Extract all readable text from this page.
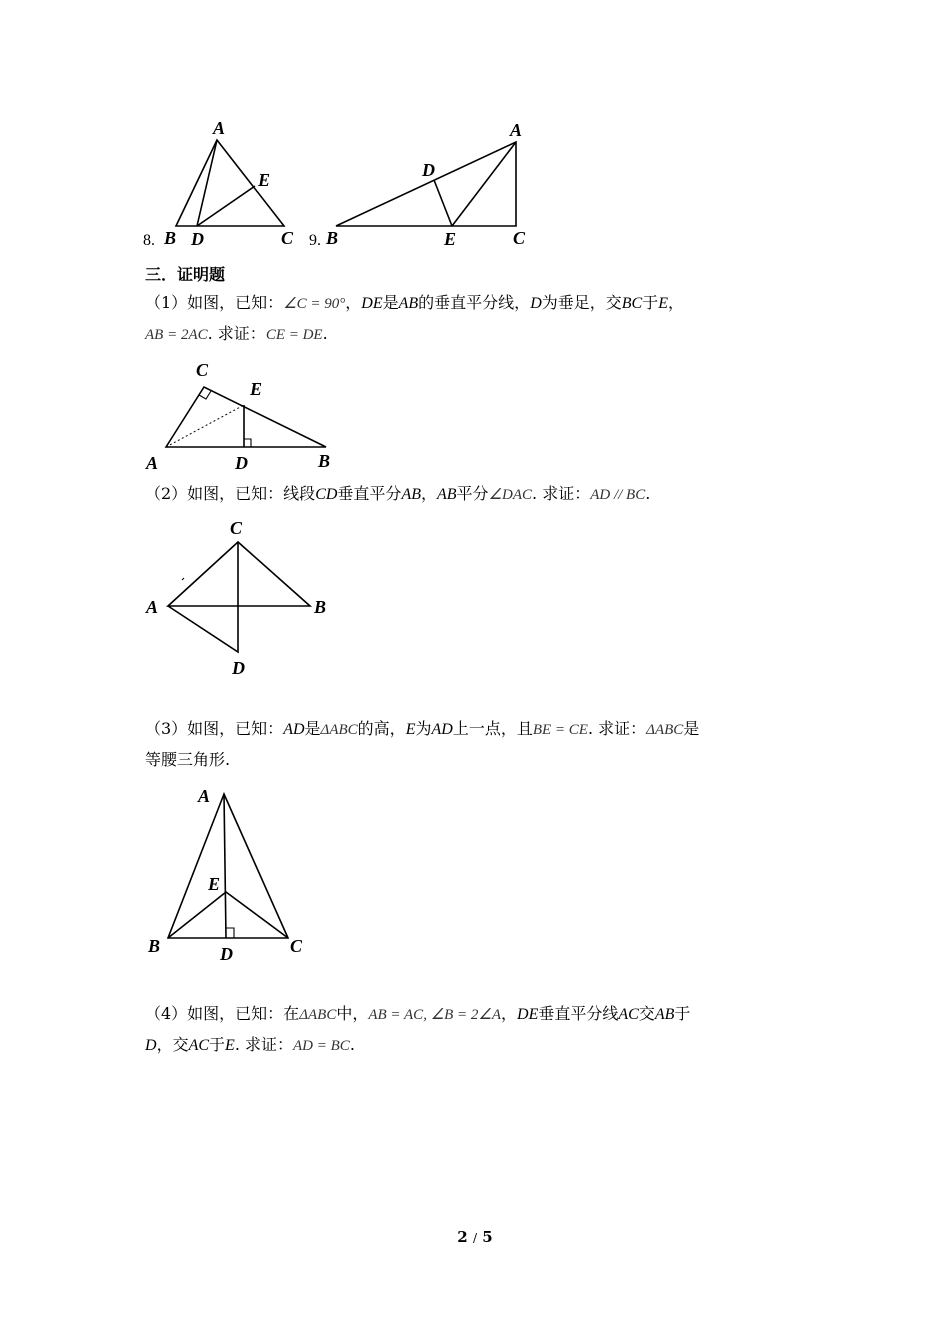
8.
A
B D	C
E
9.
A
D
B	E	C
三．证明题
（1）如图，已知：∠C = 90°，DE是AB的垂直平分线，D为垂足，交BC于E，
AB = 2AC. 求证：CE = DE.
C
E
A	D	B
（2）如图，已知：线段CD垂直平分AB，AB平分∠DAC. 求证：AD // BC.
C
A	B
D
（3）如图，已知：AD是ΔABC的高，E为AD上一点，且BE = CE. 求证：ΔABC是
等腰三角形.
A
E
B	D	C
（4）如图，已知：在ΔABC中，AB = AC, ∠B = 2∠A，DE垂直平分线AC交AB于
D，交AC于E. 求证：AD = BC.
2 / 5
